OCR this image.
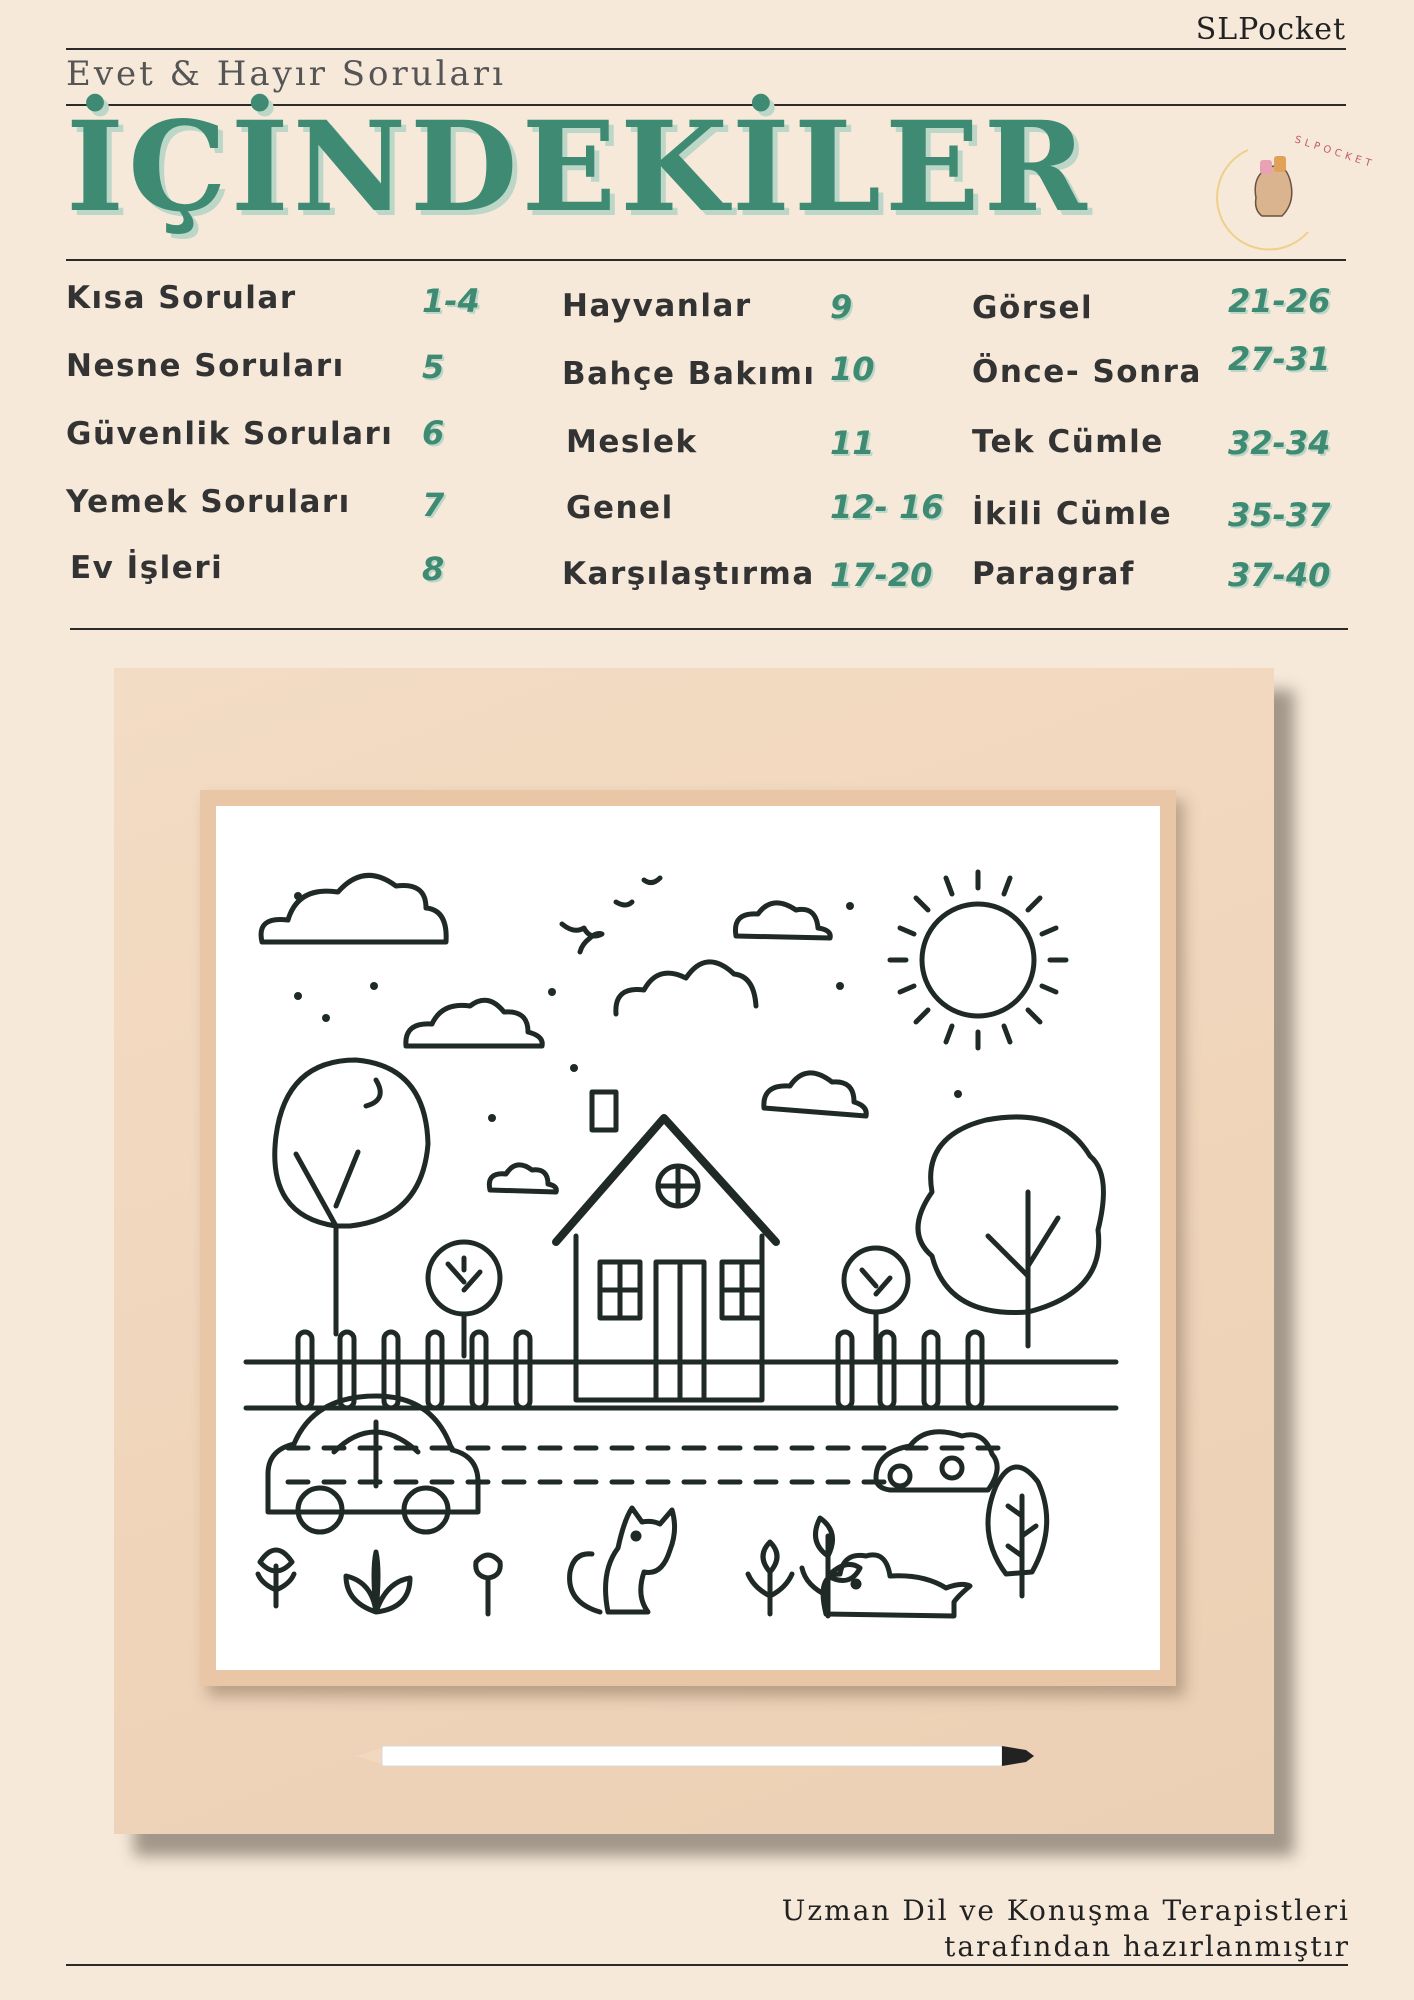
SLPocket
Evet & Hayır Soruları
İÇİNDEKİLER	SLPOCKET
Kısa Sorular	1-4
Nesne Soruları 5
Güvenlik Soruları 6
Yemek Soruları 7
Ev İşleri	8
Hayvanlar 9
Bahçe Bakımı 10
Meslek	11
Genel	12- 16
Karşılaştırma 17-20
Görsel	21-26
Önce- Sonra 27-31
Tek Cümle 32-34
İkili Cümle 35-37
Paragraf	37-40
Uzman Dil ve Konuşma Terapistleri
tarafından hazırlanmıştır
